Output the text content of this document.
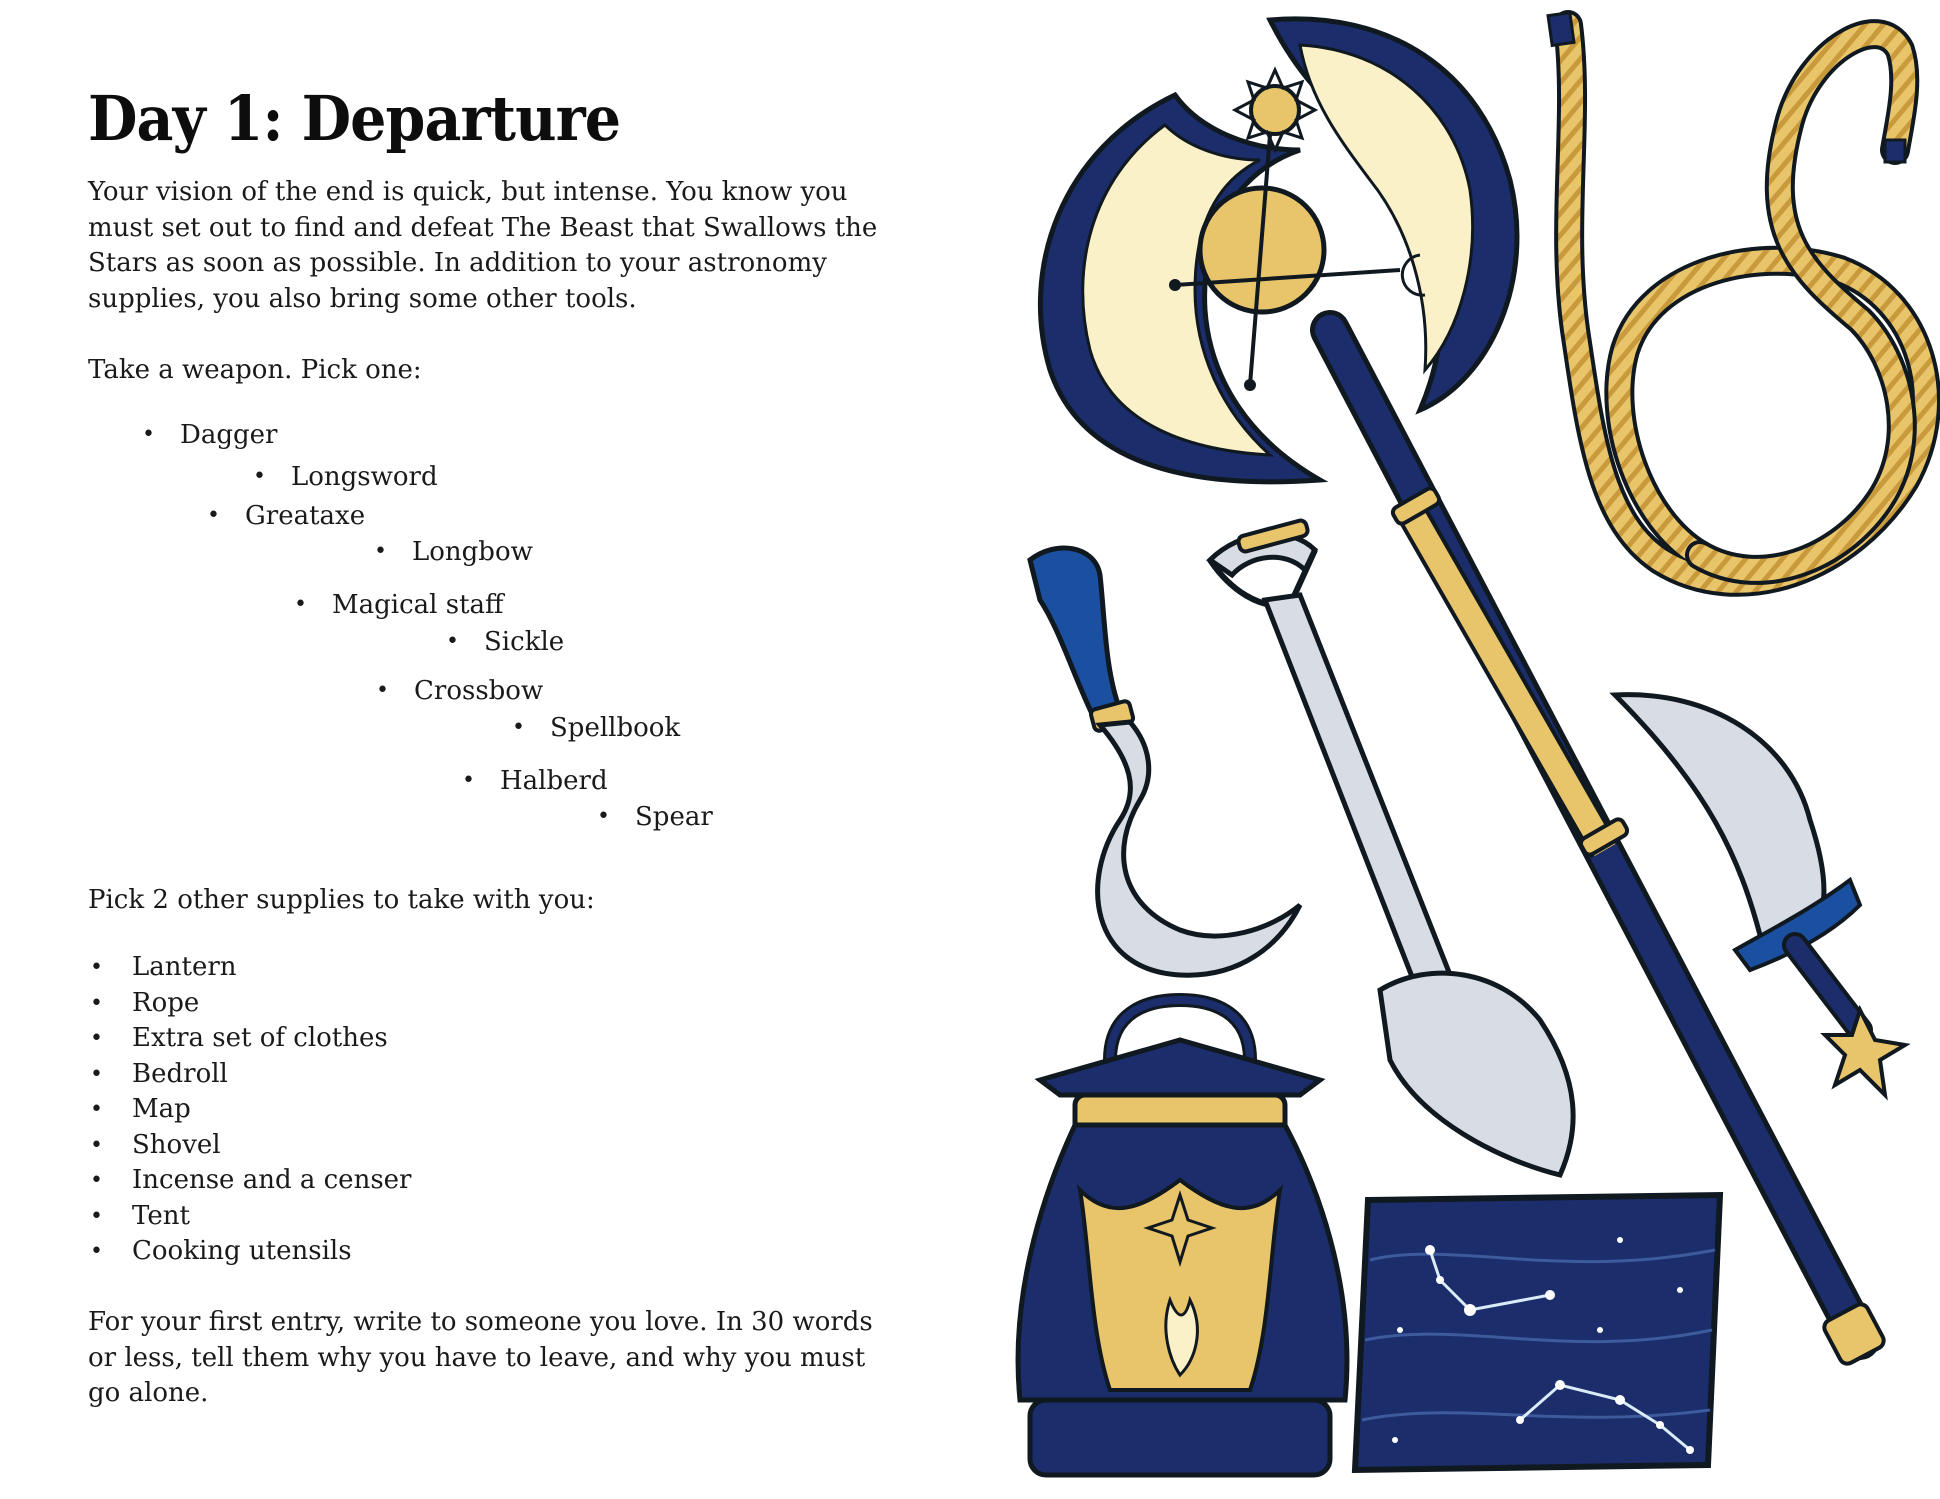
Day 1: Departure

Your vision of the end is quick, but intense. You know you must set out to find and defeat The Beast that Swallows the Stars as soon as possible. In addition to your astronomy supplies, you also bring some other tools.

Take a weapon. Pick one:

• Dagger
• Longsword
• Greataxe
• Longbow
• Magical staff
• Sickle
• Crossbow
• Spellbook
• Halberd
• Spear

Pick 2 other supplies to take with you:

• Lantern
• Rope
• Extra set of clothes
• Bedroll
• Map
• Shovel
• Incense and a censer
• Tent
• Cooking utensils

For your first entry, write to someone you love. In 30 words or less, tell them why you have to leave, and why you must go alone.
